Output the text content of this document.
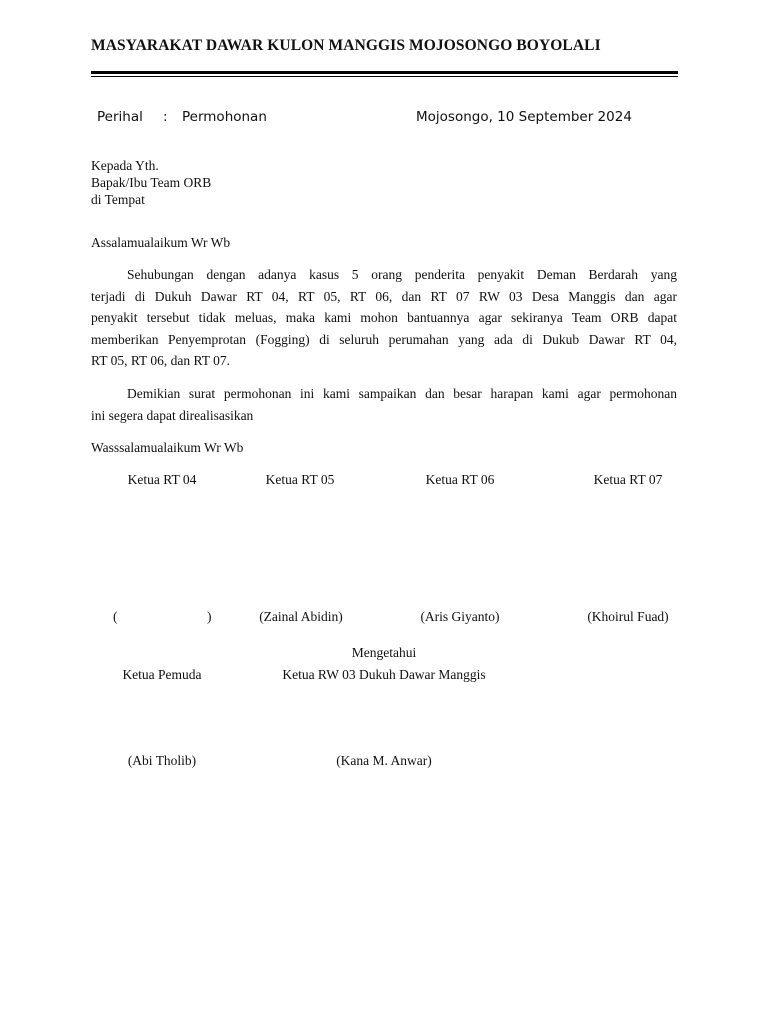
MASYARAKAT DAWAR KULON MANGGIS MOJOSONGO BOYOLALI
Perihal : Permohonan	Mojosongo, 10 September 2024
Kepada Yth.
Bapak/Ibu Team ORB
di Tempat
Assalamualaikum Wr Wb
Sehubungan dengan adanya kasus 5 orang penderita penyakit Deman Berdarah yang
terjadi di Dukuh Dawar RT 04, RT 05, RT 06, dan RT 07 RW 03 Desa Manggis dan agar
penyakit tersebut tidak meluas, maka kami mohon bantuannya agar sekiranya Team ORB dapat
memberikan Penyemprotan (Fogging) di seluruh perumahan yang ada di Dukub Dawar RT 04,
RT 05, RT 06, dan RT 07.
Demikian surat permohonan ini kami sampaikan dan besar harapan kami agar permohonan
ini segera dapat direalisasikan
Wasssalamualaikum Wr Wb
Ketua RT 04	Ketua RT 05	Ketua RT 06	Ketua RT 07
(	)	(Zainal Abidin)	(Aris Giyanto)	(Khoirul Fuad)
Mengetahui
Ketua Pemuda	Ketua RW 03 Dukuh Dawar Manggis
(Abi Tholib)	(Kana M. Anwar)
